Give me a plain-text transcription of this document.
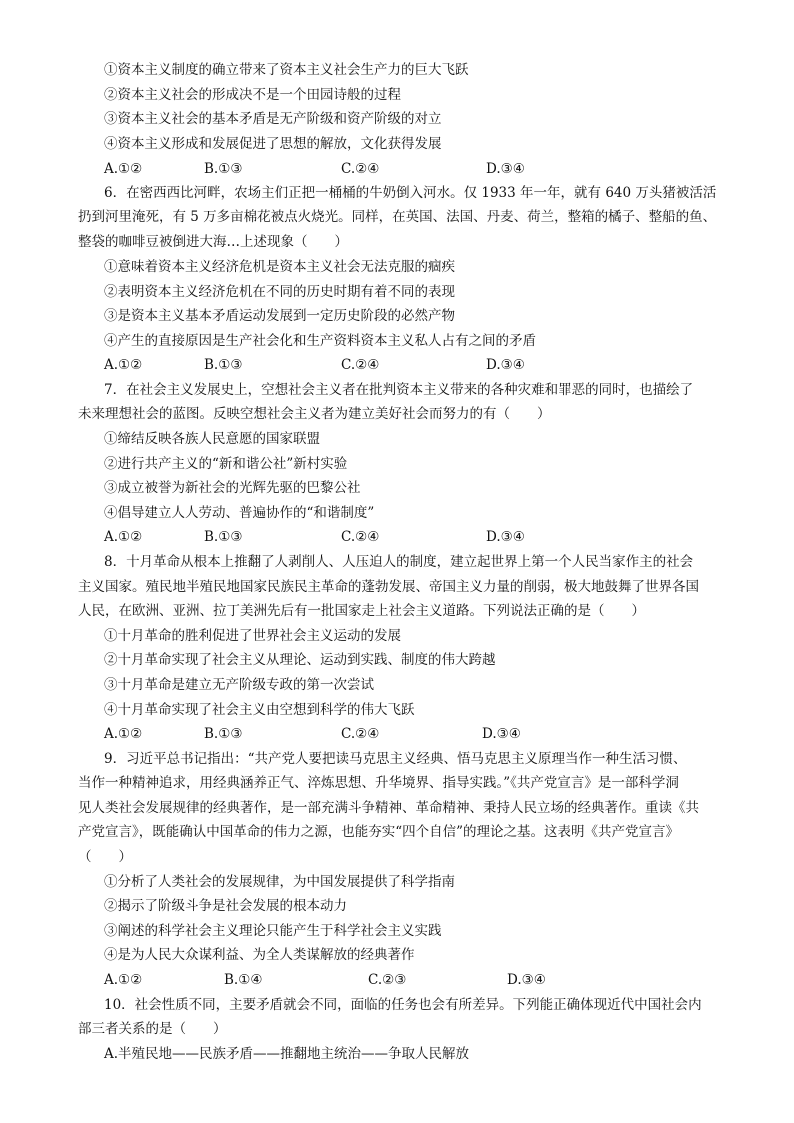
①资本主义制度的确立带来了资本主义社会生产力的巨大飞跃
②资本主义社会的形成决不是一个田园诗般的过程
③资本主义社会的基本矛盾是无产阶级和资产阶级的对立
④资本主义形成和发展促进了思想的解放，文化获得发展
A.①②	B.①③	C.②④	D.③④
6．在密西西比河畔，农场主们正把一桶桶的牛奶倒入河水。仅 1933 年一年，就有 640 万头猪被活活
扔到河里淹死，有 5 万多亩棉花被点火烧光。同样，在英国、法国、丹麦、荷兰，整箱的橘子、整船的鱼、
整袋的咖啡豆被倒进大海…上述现象（　　）
①意味着资本主义经济危机是资本主义社会无法克服的痼疾
②表明资本主义经济危机在不同的历史时期有着不同的表现
③是资本主义基本矛盾运动发展到一定历史阶段的必然产物
④产生的直接原因是生产社会化和生产资料资本主义私人占有之间的矛盾
A.①②	B.①③	C.②④	D.③④
7．在社会主义发展史上，空想社会主义者在批判资本主义带来的各种灾难和罪恶的同时，也描绘了
未来理想社会的蓝图。反映空想社会主义者为建立美好社会而努力的有（　　）
①缔结反映各族人民意愿的国家联盟
②进行共产主义的“新和谐公社”新村实验
③成立被誉为新社会的光辉先驱的巴黎公社
④倡导建立人人劳动、普遍协作的“和谐制度”
A.①②	B.①③	C.②④	D.③④
8．十月革命从根本上推翻了人剥削人、人压迫人的制度，建立起世界上第一个人民当家作主的社会
主义国家。殖民地半殖民地国家民族民主革命的蓬勃发展、帝国主义力量的削弱，极大地鼓舞了世界各国
人民，在欧洲、亚洲、拉丁美洲先后有一批国家走上社会主义道路。下列说法正确的是（　　）
①十月革命的胜利促进了世界社会主义运动的发展
②十月革命实现了社会主义从理论、运动到实践、制度的伟大跨越
③十月革命是建立无产阶级专政的第一次尝试
④十月革命实现了社会主义由空想到科学的伟大飞跃
A.①②	B.①③	C.②④	D.③④
9．习近平总书记指出：“共产党人要把读马克思主义经典、悟马克思主义原理当作一种生活习惯、
当作一种精神追求，用经典涵养正气、淬炼思想、升华境界、指导实践。”《共产党宣言》是一部科学洞
见人类社会发展规律的经典著作，是一部充满斗争精神、革命精神、秉持人民立场的经典著作。重读《共
产党宣言》，既能确认中国革命的伟力之源，也能夯实“四个自信”的理论之基。这表明《共产党宣言》
（　　）
①分析了人类社会的发展规律，为中国发展提供了科学指南
②揭示了阶级斗争是社会发展的根本动力
③阐述的科学社会主义理论只能产生于科学社会主义实践
④是为人民大众谋利益、为全人类谋解放的经典著作
A.①②	B.①④	C.②③	D.③④
10．社会性质不同，主要矛盾就会不同，面临的任务也会有所差异。下列能正确体现近代中国社会内
部三者关系的是（　　）
A.半殖民地——民族矛盾——推翻地主统治——争取人民解放
